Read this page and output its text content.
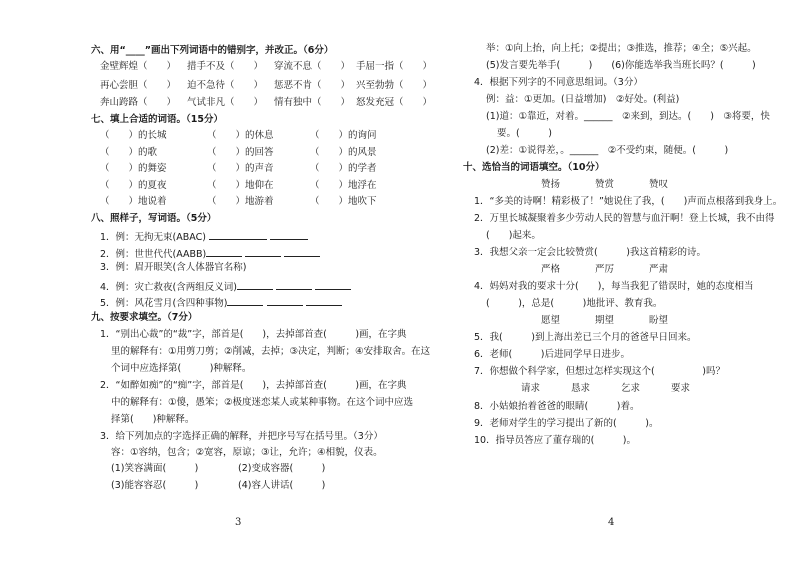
六、用“____”画出下列词语中的错别字，并改正。（6分）
金壁辉煌（　　） 措手不及（　　） 穿流不息（　　） 手屈一指（　　）
再心尝胆（　　） 迫不急待（　　） 惩恶不肯（　　） 兴至勃勃（　　）
奔山跨路（　　） 气试非凡（　　） 情有独中（　　） 怒发充冠（　　）
七、填上合适的词语。（15分）
（　　）的长城	（　　）的休息	（　　）的询问
（　　）的歌	（　　）的回答	（　　）的风景
（　　）的舞姿	（　　）的声音	（　　）的学者
（　　）的夏夜	（　　）地仰在	（　　）地浮在
（　　）地说着	（　　）地游着	（　　）地吹下
八、照样子，写词语。（5分）
1．例：无拘无束(ABAC)
2．例：世世代代(AABB)
3．例：眉开眼笑(含人体器官名称)
4．例：灾亡救夜(含两组反义词)
5．例：风花雪月(含四种事物)
九、按要求填空。（7分）
1．“别出心裁”的“裁”字，部首是(　　)，去掉部首查(　　　)画，在字典
里的解释有：①用剪刀剪；②削减，去掉；③决定，判断；④安排取舍。在这
个词中应选择第(　　　)种解释。
2．“如醉如痴”的“痴”字，部首是(　　)，去掉部首查(　　　)画，在字典
中的解释有：①傻，愚笨；②极度迷恋某人或某种事物。在这个词中应选
择第(　　)种解释。
3．给下列加点的字选择正确的解释，并把序号写在括号里。（3分）
容：①容纳，包含；②宽容，原谅；③让，允许；④相貌，仪表。
(1)笑容满面(　　　)	(2)变成容器(　　　)
(3)能容容忍(　　　)	(4)容人讲话(　　　)
3
举：①向上抬，向上托；②提出；③推选，推荐；④全；⑤兴起。
(5)发言要先举手(　　　)　　(6)你能选举我当班长吗？(　　　)
4．根据下列字的不同意思组词。（3分）
例：益：①更加。(日益增加)　②好处。(利益)
(1)道：①靠近，对着。______　②来到，到达。(　　)　③将要，快
要。(　　　)
(2)差：①说得差，。______　②不受约束，随便。(　　　)
十、选恰当的词语填空。（10分）
赞扬	赞赏	赞叹
1．“多美的诗啊！精彩极了！”她说住了我，(　　)声而点根落到我身上。
2．万里长城凝聚着多少劳动人民的智慧与血汗啊！登上长城，我不由得
(　　)起来。
3．我想父亲一定会比较赞赏(　　　)我这首精彩的诗。
严格	严厉	严肃
4．妈妈对我的要求十分(　　)，每当我犯了错误时，她的态度相当
(　　　)，总是(　　　)地批评、教育我。
愿望	期望	盼望
5．我(　　　)到上海出差已三个月的爸爸早日回来。
6．老师(　　　)后进同学早日进步。
7．你想做个科学家，但想过怎样实现这个(　　　　　)吗？
请求	恳求	乞求	要求
8．小姑娘抬着爸爸的眼睛(　　　)着。
9．老师对学生的学习提出了新的(　　　)。
10．指导员答应了董存瑞的(　　　)。
4
